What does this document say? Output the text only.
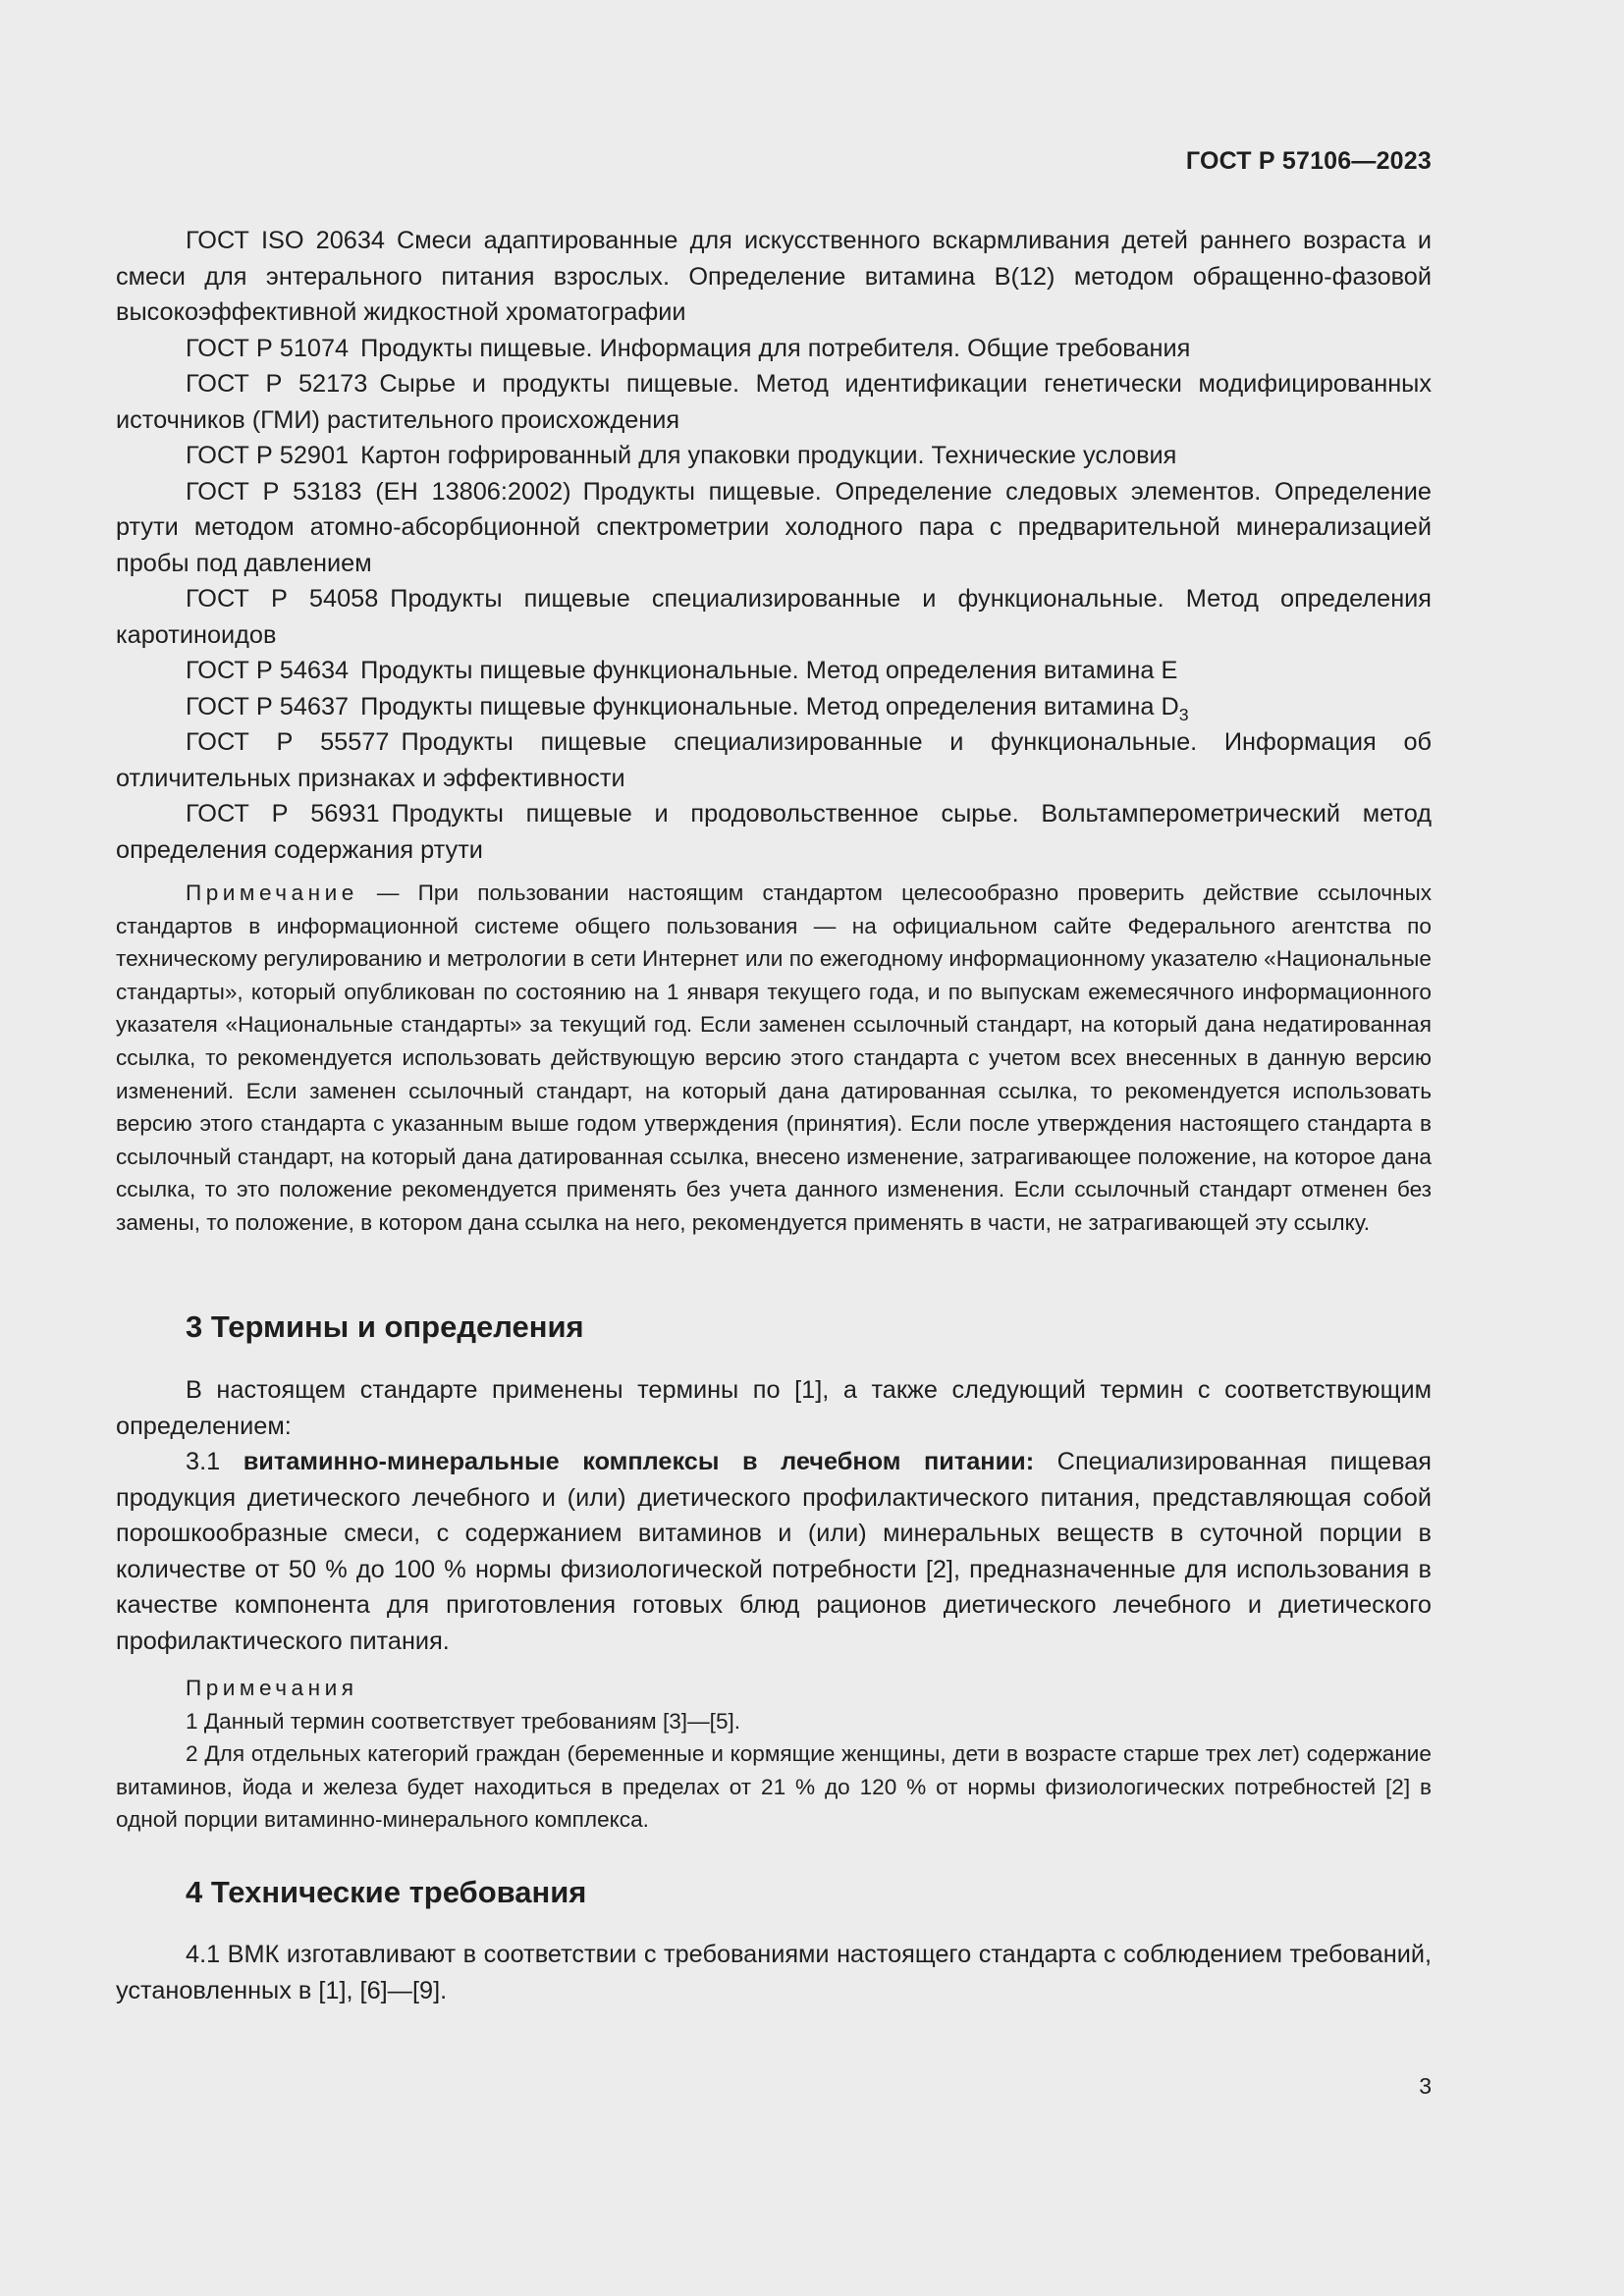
ГОСТ Р 57106—2023

ГОСТ ISO 20634 Смеси адаптированные для искусственного вскармливания детей раннего возраста и смеси для энтерального питания взрослых. Определение витамина B(12) методом обращенно-фазовой высокоэффективной жидкостной хроматографии

ГОСТ Р 51074 Продукты пищевые. Информация для потребителя. Общие требования

ГОСТ Р 52173 Сырье и продукты пищевые. Метод идентификации генетически модифицированных источников (ГМИ) растительного происхождения

ГОСТ Р 52901 Картон гофрированный для упаковки продукции. Технические условия

ГОСТ Р 53183 (ЕН 13806:2002) Продукты пищевые. Определение следовых элементов. Определение ртути методом атомно-абсорбционной спектрометрии холодного пара с предварительной минерализацией пробы под давлением

ГОСТ Р 54058 Продукты пищевые специализированные и функциональные. Метод определения каротиноидов

ГОСТ Р 54634 Продукты пищевые функциональные. Метод определения витамина Е

ГОСТ Р 54637 Продукты пищевые функциональные. Метод определения витамина $D_3$

ГОСТ Р 55577 Продукты пищевые специализированные и функциональные. Информация об отличительных признаках и эффективности

ГОСТ Р 56931 Продукты пищевые и продовольственное сырье. Вольтамперометрический метод определения содержания ртути

Примечание — При пользовании настоящим стандартом целесообразно проверить действие ссылочных стандартов в информационной системе общего пользования — на официальном сайте Федерального агентства по техническому регулированию и метрологии в сети Интернет или по ежегодному информационному указателю «Национальные стандарты», который опубликован по состоянию на 1 января текущего года, и по выпускам ежемесячного информационного указателя «Национальные стандарты» за текущий год. Если заменен ссылочный стандарт, на который дана недатированная ссылка, то рекомендуется использовать действующую версию этого стандарта с учетом всех внесенных в данную версию изменений. Если заменен ссылочный стандарт, на который дана датированная ссылка, то рекомендуется использовать версию этого стандарта с указанным выше годом утверждения (принятия). Если после утверждения настоящего стандарта в ссылочный стандарт, на который дана датированная ссылка, внесено изменение, затрагивающее положение, на которое дана ссылка, то это положение рекомендуется применять без учета данного изменения. Если ссылочный стандарт отменен без замены, то положение, в котором дана ссылка на него, рекомендуется применять в части, не затрагивающей эту ссылку.

3 Термины и определения

В настоящем стандарте применены термины по [1], а также следующий термин с соответствующим определением:

3.1 витаминно-минеральные комплексы в лечебном питании: Специализированная пищевая продукция диетического лечебного и (или) диетического профилактического питания, представляющая собой порошкообразные смеси, с содержанием витаминов и (или) минеральных веществ в суточной порции в количестве от 50 % до 100 % нормы физиологической потребности [2], предназначенные для использования в качестве компонента для приготовления готовых блюд рационов диетического лечебного и диетического профилактического питания.

Примечания

1 Данный термин соответствует требованиям [3]—[5].

2 Для отдельных категорий граждан (беременные и кормящие женщины, дети в возрасте старше трех лет) содержание витаминов, йода и железа будет находиться в пределах от 21 % до 120 % от нормы физиологических потребностей [2] в одной порции витаминно-минерального комплекса.

4 Технические требования

4.1 ВМК изготавливают в соответствии с требованиями настоящего стандарта с соблюдением требований, установленных в [1], [6]—[9].

3
